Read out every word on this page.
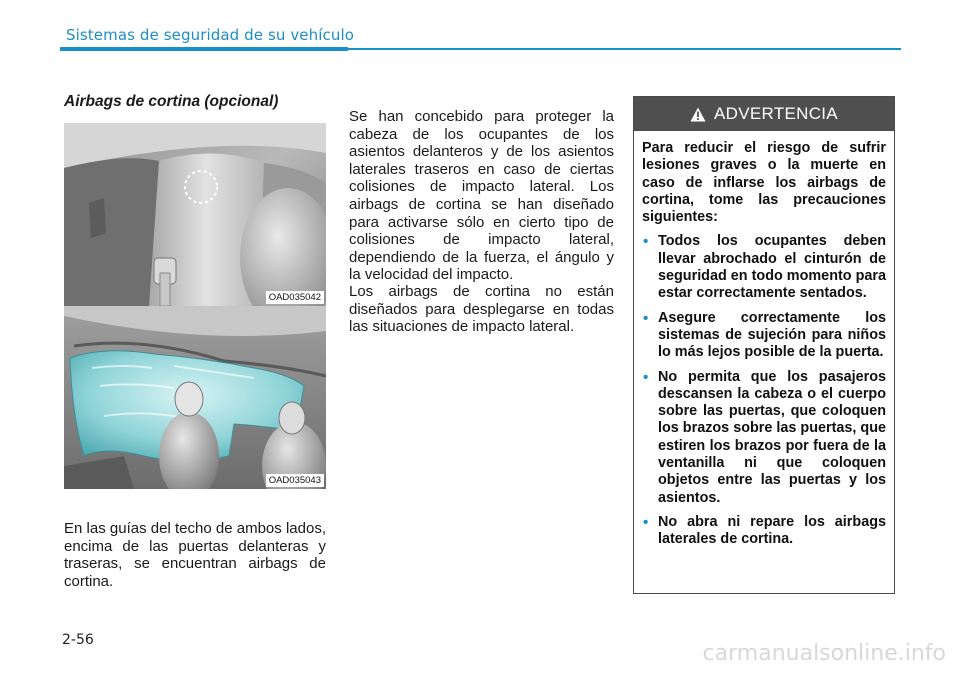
Sistemas de seguridad de su vehículo
Airbags de cortina (opcional)
OAD035042
OAD035043

En las guías del techo de ambos lados, encima de las puertas delanteras y traseras, se encuentran airbags de cortina.

Se han concebido para proteger la cabeza de los ocupantes de los asientos delanteros y de los asientos laterales traseros en caso de ciertas colisiones de impacto lateral. Los airbags de cortina se han diseñado para activarse sólo en cierto tipo de colisiones de impacto lateral, dependiendo de la fuerza, el ángulo y la velocidad del impacto.

Los airbags de cortina no están diseñados para desplegarse en todas las situaciones de impacto lateral.

ADVERTENCIA

Para reducir el riesgo de sufrir lesiones graves o la muerte en caso de inflarse los airbags de cortina, tome las precauciones siguientes:

• Todos los ocupantes deben llevar abrochado el cinturón de seguridad en todo momento para estar correctamente sentados.
• Asegure correctamente los sistemas de sujeción para niños lo más lejos posible de la puerta.
• No permita que los pasajeros descansen la cabeza o el cuerpo sobre las puertas, que coloquen los brazos sobre las puertas, que estiren los brazos por fuera de la ventanilla ni que coloquen objetos entre las puertas y los asientos.
• No abra ni repare los airbags laterales de cortina.
2-56
carmanualsonline.info
